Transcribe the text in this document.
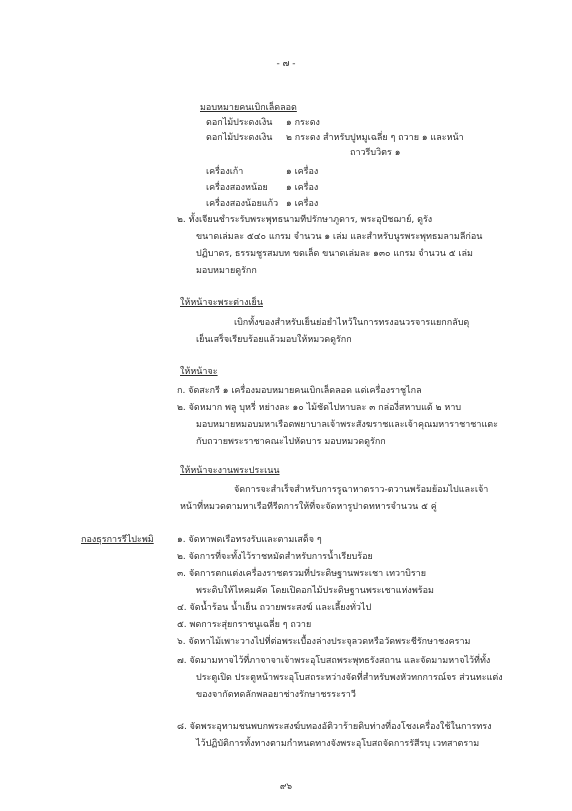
- ๗ -
มอบหมายคนเบิกเล็ดลอด
ดอกไม้ประดงเงิน ๑ กระดง
ดอกไม้ประดงเงิน ๒ กระดง สำหรับปูหมูเฉลี่ย ๆ ถวาย ๑ และหน้า
ถาวรีบวิตร ๑
เครื่องเก้า	๑ เครื่อง
เครื่องสองหน้อย ๑ เครื่อง
เครื่องสองน้อยแก้ว ๑ เครื่อง
๒. ทั้งเจียนชำระรับพระพุทธนามทีปรักษาภูดาร, พระอุปัชฌาย์, ดูรัง
ขนาดเล่มละ ๕๔๐ แกรม จำนวน ๑ เล่ม และสำหรับนูรพระพุทธมลามลีก่อน
ปฏิบาดร, ธรรมชูรสมบท ขดเล็ด ขนาดเล่มละ ๑๓๐ แกรม จำนวน ๕ เล่ม
มอบหมายดูรักก
ให้หน้าจะพระต่างเย็น
เบิกทั้งของสำหรับเย็นย่อยำไหว้ในการทรงอนวรจารแยกกลับดุ
เย็นเสร็จเรียบร้อยแล้วมอบให้หมวดดูรักก
ให้หน้าจะ
ก. จัดสะกรี ๑ เครื่องมอบหมายคนเบิกเล็ดลอด แด่เครื่องราชูไกล
๒. จัดหมาก พลู บุหรี่ หย่างละ ๑๐ ไม้ชัดไปหาบละ ๓ กล่องี่สหาบแด้ ๒ หาบ
มอบหมายหมอบมหาเรือดพยาบาลเจ้าพระสังฆราชและเจ้าคุณมหาราชาชาแตะ
กับถวายพระราชาคณะไปหัดบาร มอบหมวดดูรักก
ให้หน้าจะงานพระประเนน
จัดการจะสำเร็จสำหรับการรูฉาหาตราว-ตวานพร้อมย้อมไปและเจ้า
หน้าที่หมวดตามหาเรือทีรีดการให้ที่จะจัดหารูปาดทหารจำนวน ๕ คู่
กองธุรการรีไปะพมิ	๑. จัดหาพดเรือทรงรับและตามเสด็จ ๆ
๒. จัดการที่จะทั้งไว้ราชหมัดสำหรับการน้ำเรียบร้อย
๓. จัดการตกแต่งเครื่องราชตรวมที่ประดิษฐานพระเชา เทวาบิราย
พระดิบให้ไหคมคัด โดยเปิดอกไม้ประดิษฐานพระเชาแห่งพร้อม
๔. จัดน้ำร้อน น้ำเย็น ถวายพระสงฆ์ และเลี้ยงทั่วไป
๕. พดการะสุ่ยกราชนูเฉลี่ย ๆ ถวาย
๖. จัดหาไม้เพาะวางไปที่ต่อพระเบื้องล่างประจุลวดหรือวัดพระชีรักษาชงคราม
๗. จัดมามหาจไว้ที่ภาจาจาเจ้าพระอุโบสถพระพุทธรังสถาน และจัดมามหาจไว้ที่ทั้ง
ประตูเปิด ประตูหน้าพระอุโบสถระหว่างจัดที่สำหรับพงหัวทกการณ์จร ส่วนทะแต่ง
ของจากัดทดลักพลอยาช่างรักษาชรระราวี
๘. จัดพระอุทามชนพบกพระสงฆ์บทองอัติวาร้ายดิบท่างที่องโชงเครื่องใช้ในการทรง
ไว้ปฏิบัติการทั้งทางตามกำหนดทางจังพระอุโบสถจัดการรัสีรบุ เวทสาตราม
๙๖
